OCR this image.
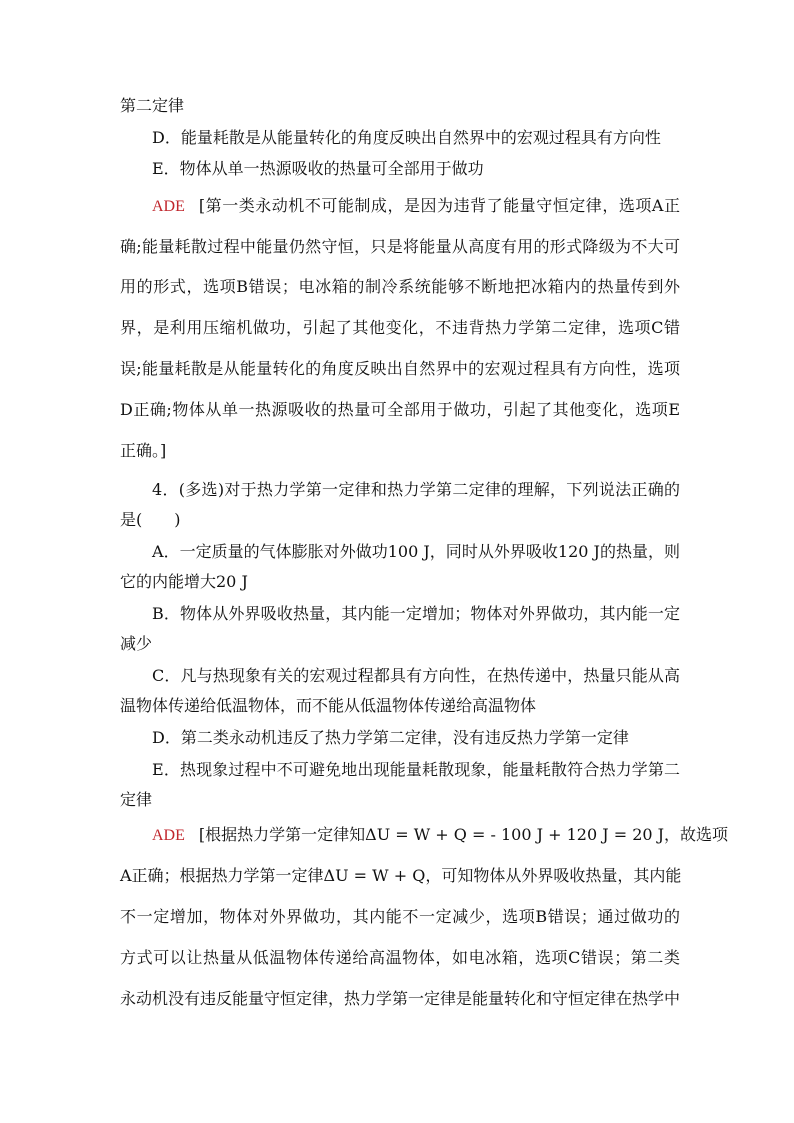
第二定律
D．能量耗散是从能量转化的角度反映出自然界中的宏观过程具有方向性
E．物体从单一热源吸收的热量可全部用于做功
ADE [第一类永动机不可能制成，是因为违背了能量守恒定律，选项A正
确;能量耗散过程中能量仍然守恒，只是将能量从高度有用的形式降级为不大可
用的形式，选项B错误；电冰箱的制冷系统能够不断地把冰箱内的热量传到外
界，是利用压缩机做功，引起了其他变化，不违背热力学第二定律，选项C错
误;能量耗散是从能量转化的角度反映出自然界中的宏观过程具有方向性，选项
D正确;物体从单一热源吸收的热量可全部用于做功，引起了其他变化，选项E
正确。]
4．(多选)对于热力学第一定律和热力学第二定律的理解，下列说法正确的
是(　　)
A．一定质量的气体膨胀对外做功100 J，同时从外界吸收120 J的热量，则
它的内能增大20 J
B．物体从外界吸收热量，其内能一定增加；物体对外界做功，其内能一定
减少
C．凡与热现象有关的宏观过程都具有方向性，在热传递中，热量只能从高
温物体传递给低温物体，而不能从低温物体传递给高温物体
D．第二类永动机违反了热力学第二定律，没有违反热力学第一定律
E．热现象过程中不可避免地出现能量耗散现象，能量耗散符合热力学第二
定律
ADE [根据热力学第一定律知ΔU = W + Q = - 100 J + 120 J = 20 J，故选项
A正确；根据热力学第一定律ΔU = W + Q，可知物体从外界吸收热量，其内能
不一定增加，物体对外界做功，其内能不一定减少，选项B错误；通过做功的
方式可以让热量从低温物体传递给高温物体，如电冰箱，选项C错误；第二类
永动机没有违反能量守恒定律，热力学第一定律是能量转化和守恒定律在热学中
